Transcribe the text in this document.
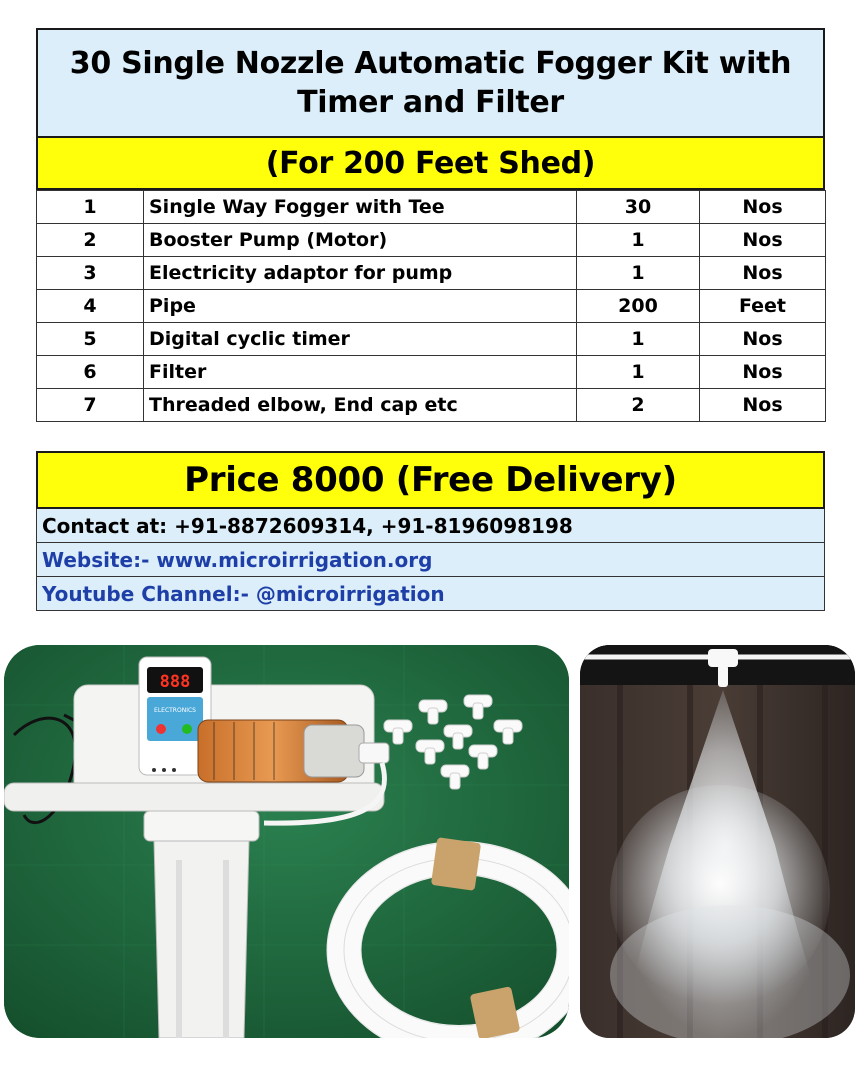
30 Single Nozzle Automatic Fogger Kit with Timer and Filter
(For 200 Feet Shed)
1	Single Way Fogger with Tee	30	Nos
2	Booster Pump (Motor)	1	Nos
3	Electricity adaptor for pump	1	Nos
4	Pipe	200	Feet
5	Digital cyclic timer	1	Nos
6	Filter	1	Nos
7	Threaded elbow, End cap etc	2	Nos
Price 8000 (Free Delivery)
Contact at: +91-8872609314, +91-8196098198
Website:- www.microirrigation.org
Youtube Channel:- @microirrigation
888
ELECTRONICS
